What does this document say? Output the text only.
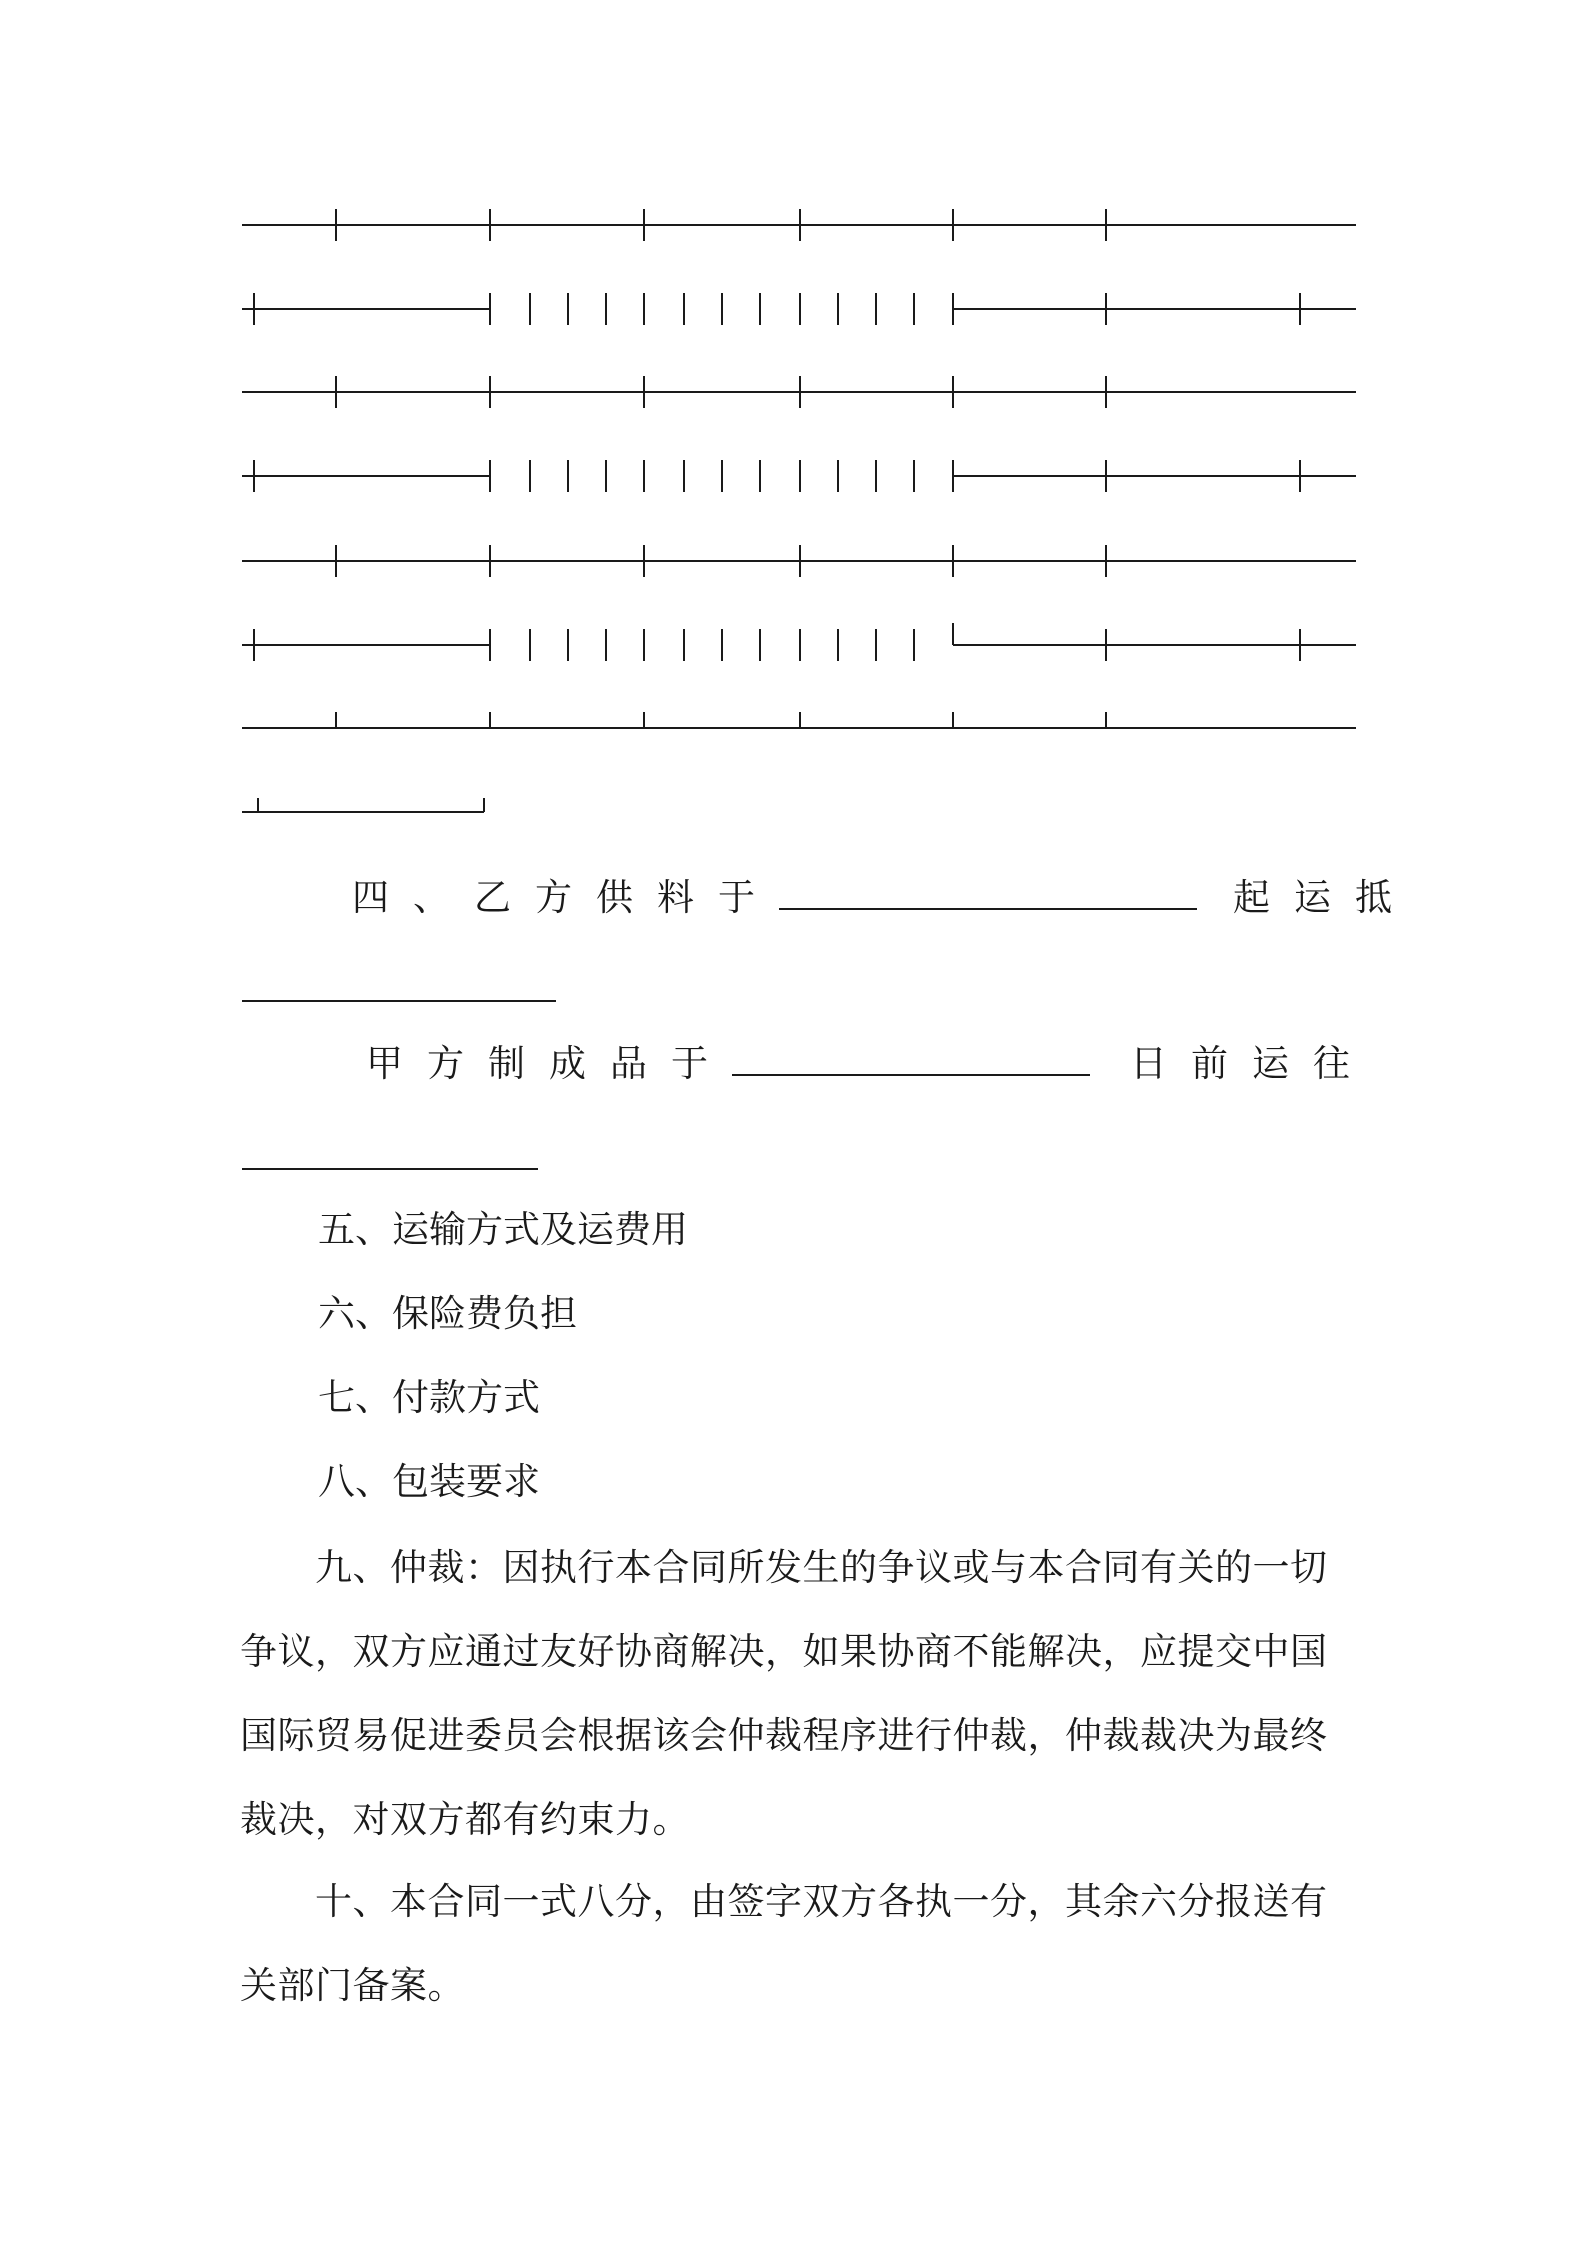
四、乙方供料于	起运抵
甲方制成品于	日前运往

五、运输方式及运费用

六、保险费负担

七、付款方式

八、包装要求

九、仲裁：因执行本合同所发生的争议或与本合同有关的一切争议，双方应通过友好协商解决，如果协商不能解决，应提交中国国际贸易促进委员会根据该会仲裁程序进行仲裁，仲裁裁决为最终裁决，对双方都有约束力。

十、本合同一式八分，由签字双方各执一分，其余六分报送有关部门备案。
